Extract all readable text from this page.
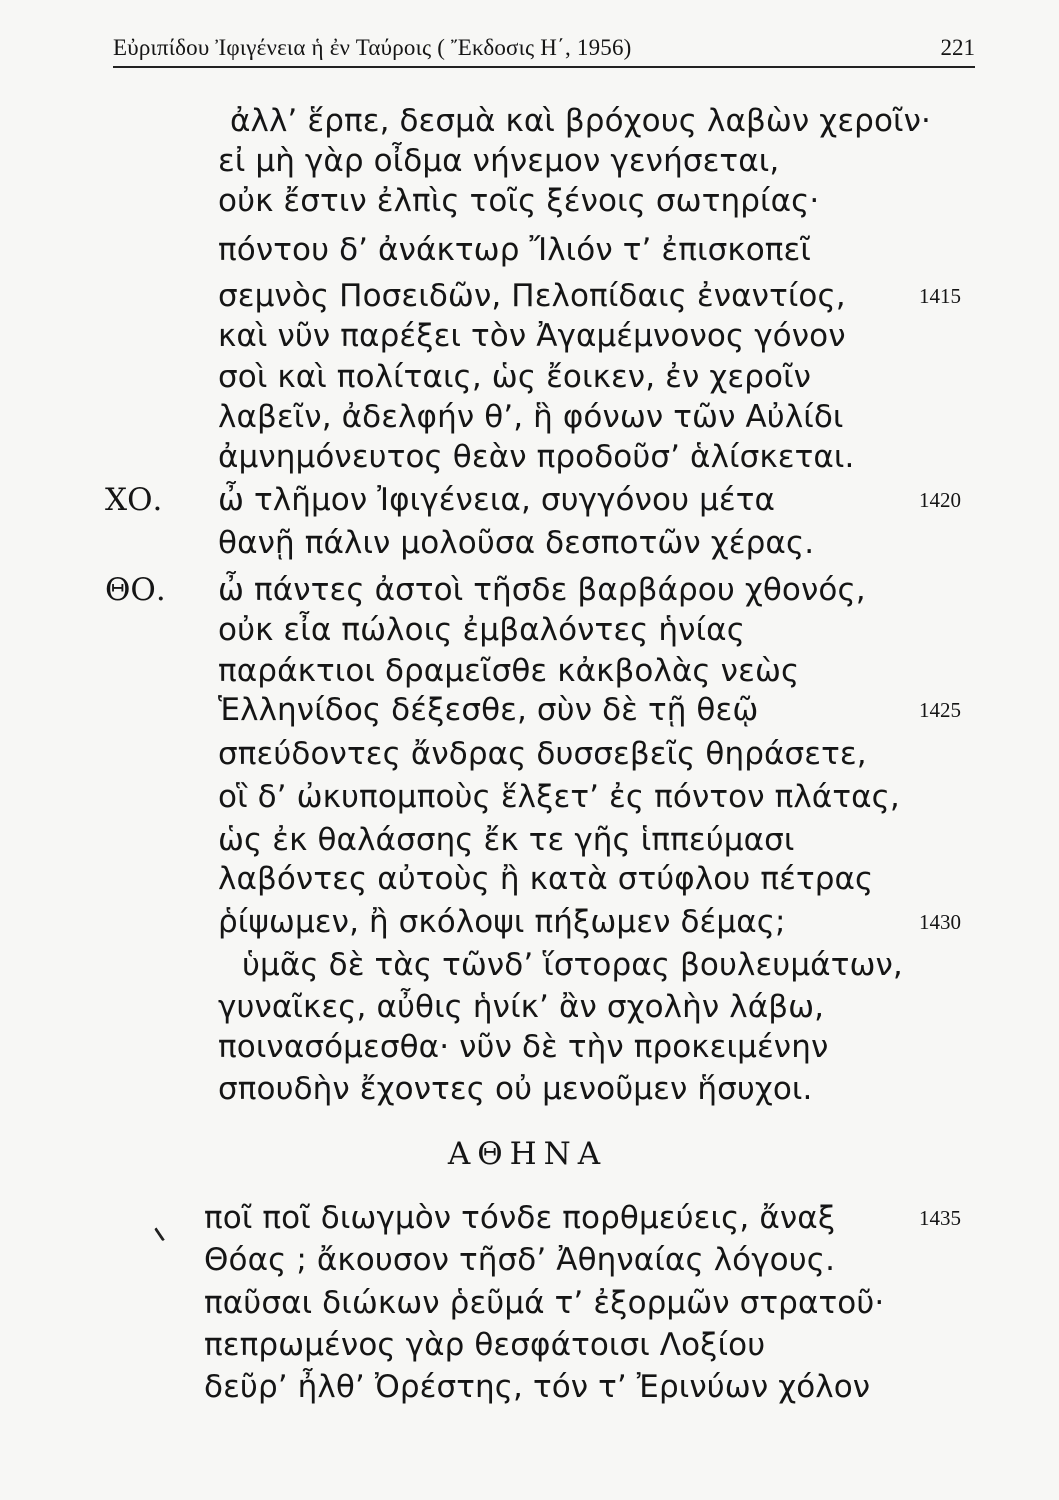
Εὐριπίδου Ἰφιγένεια ἡ ἐν Ταύροις ( Ἔκδοσις Η΄, 1956)	221
ἀλλ’ ἕρπε, δεσμὰ καὶ βρόχους λαβὼν χεροῖν·
εἰ μὴ γὰρ οἶδμα νήνεμον γενήσεται,
οὐκ ἔστιν ἐλπὶς τοῖς ξένοις σωτηρίας·
πόντου δ’ ἀνάκτωρ Ἴλιόν τ’ ἐπισκοπεῖ
σεμνὸς Ποσειδῶν, Πελοπίδαις ἐναντίος,	1415
καὶ νῦν παρέξει τὸν Ἀγαμέμνονος γόνον
σοὶ καὶ πολίταις, ὡς ἔοικεν, ἐν χεροῖν
λαβεῖν, ἀδελφήν θ’, ἣ φόνων τῶν Αὐλίδι
ἀμνημόνευτος θεὰν προδοῦσ’ ἁλίσκεται.
ΧΟ. ὦ τλῆμον Ἰφιγένεια, συγγόνου μέτα	1420
θανῇ πάλιν μολοῦσα δεσποτῶν χέρας.
ΘΟ. ὦ πάντες ἀστοὶ τῆσδε βαρβάρου χθονός,
οὐκ εἶα πώλοις ἐμβαλόντες ἡνίας
παράκτιοι δραμεῖσθε κἀκβολὰς νεὼς
Ἑλληνίδος δέξεσθε, σὺν δὲ τῇ θεῷ	1425
σπεύδοντες ἄνδρας δυσσεβεῖς θηράσετε,
οἳ δ’ ὠκυπομποὺς ἕλξετ’ ἐς πόντον πλάτας,
ὡς ἐκ θαλάσσης ἔκ τε γῆς ἱππεύμασι
λαβόντες αὐτοὺς ἢ κατὰ στύφλου πέτρας
ῥίψωμεν, ἢ σκόλοψι πήξωμεν δέμας;	1430
ὑμᾶς δὲ τὰς τῶνδ’ ἵστορας βουλευμάτων,
γυναῖκες, αὖθις ἡνίκ’ ἂν σχολὴν λάβω,
ποινασόμεσθα· νῦν δὲ τὴν προκειμένην
σπουδὴν ἔχοντες οὐ μενοῦμεν ἥσυχοι.
ΑΘΗΝΑ
ποῖ ποῖ διωγμὸν τόνδε πορθμεύεις, ἄναξ	1435
Θόας ; ἄκουσον τῆσδ’ Ἀθηναίας λόγους.
παῦσαι διώκων ῥεῦμά τ’ ἐξορμῶν στρατοῦ·
πεπρωμένος γὰρ θεσφάτοισι Λοξίου
δεῦρ’ ἦλθ’ Ὀρέστης, τόν τ’ Ἐρινύων χόλον
